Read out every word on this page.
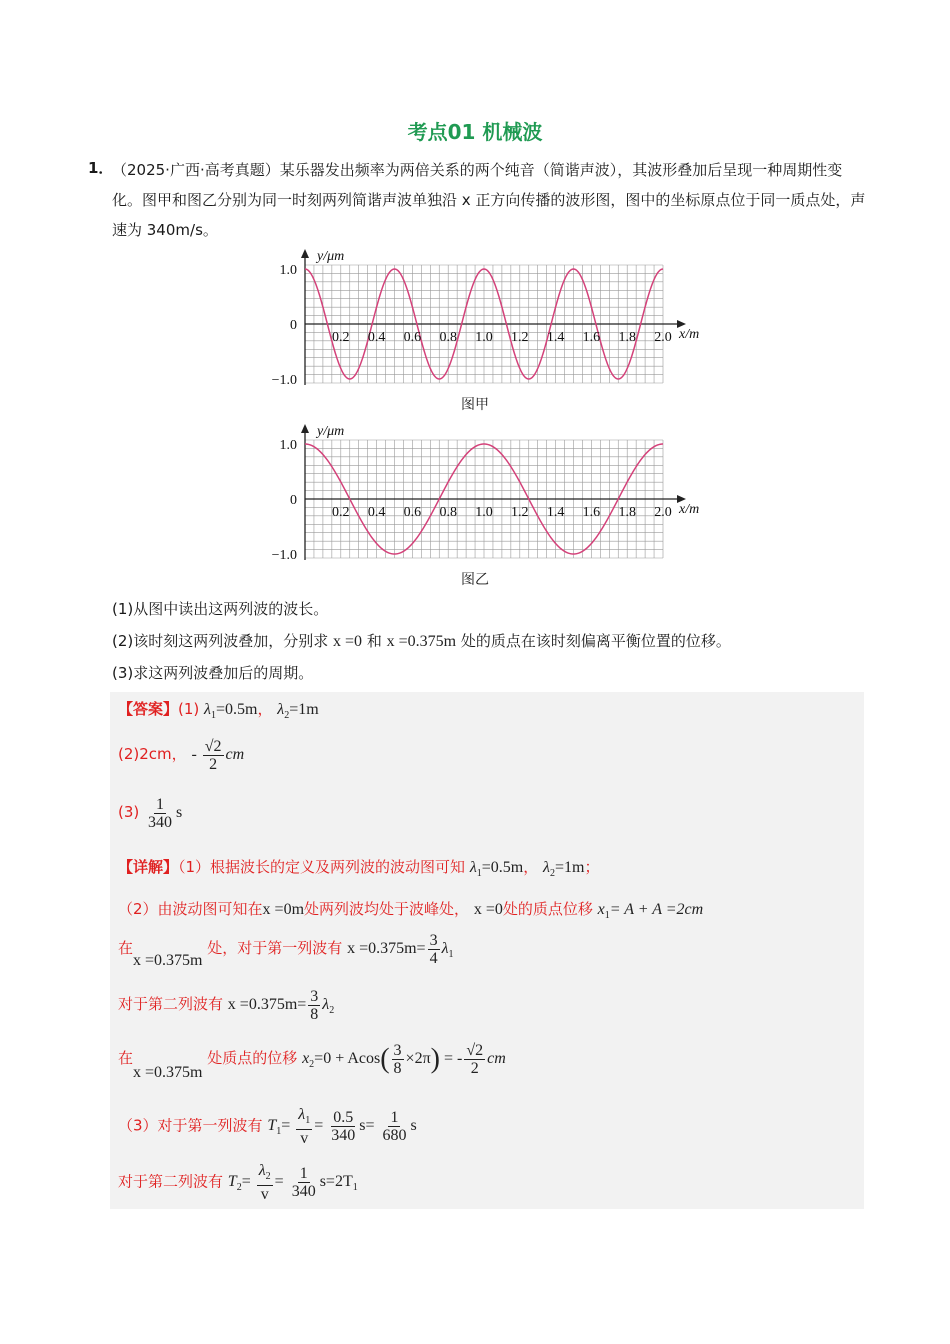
考点01 机械波
1．
（2025·广西·高考真题）某乐器发出频率为两倍关系的两个纯音（简谐声波），其波形叠加后呈现一种周期性变化。图甲和图乙分别为同一时刻两列简谐声波单独沿 x 正方向传播的波形图，图中的坐标原点位于同一质点处，声速为 340m/s。
0.2 0.4 0.6 0.8 1.0 1.2 1.4 1.6 1.8 2.0
1.0
0
−1.0
y/μm
x/m
图甲
0.2 0.4 0.6 0.8 1.0 1.2 1.4 1.6 1.8 2.0
1.0
0
−1.0
y/μm
x/m
图乙
(1)从图中读出这两列波的波长。
(2)该时刻这两列波叠加，分别求 x =0 和 x =0.375m 处的质点在该时刻偏离平衡位置的位移。
(3)求这两列波叠加后的周期。
【答案】(1) $\lambda_1=0.5m$， $\lambda_2=1m$
(2)2cm， - $\frac{√2}{2}$ cm
$(3) \frac{1}{340}$ s
【详解】（1）根据波长的定义及两列波的波动图可知 $\lambda_1=0.5m$， $\lambda_2=1m$；
（2）由波动图可知在x =0m处两列波均处于波峰处， x =0处的质点位移 $x_1= A + A =2cm$
在x =0.375m 处，对于第一列波有 $x =0.375m= \frac{3}{4} \lambda_1$
对于第二列波有 $x =0.375m= \frac{3}{8} \lambda_2$
在x =0.375m 处质点的位移 $x_2=0 + Acos( \frac{3}{8} \times 2\pi)$ = - $\frac{√2}{2}$ cm
（3）对于第一列波有 $T_1= \frac{\lambda_1}{v} = \frac{0.5}{340} s= \frac{1}{680}$ s
对于第二列波有 $T_2= \frac{\lambda_2}{v} = \frac{1}{340} s=2T_1$
